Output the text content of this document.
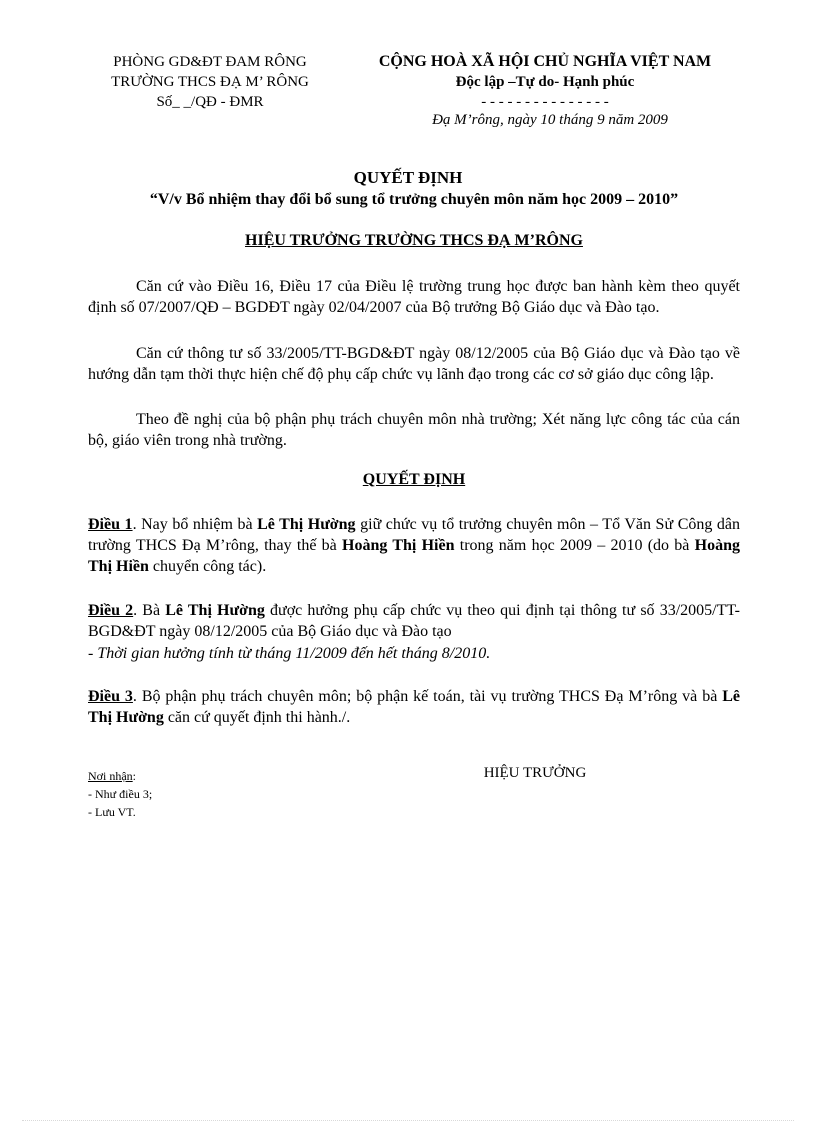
PHÒNG GD&ĐT ĐAM RÔNG
TRƯỜNG THCS ĐẠ M’ RÔNG
Số_ _/QĐ - ĐMR
CỘNG HOÀ XÃ HỘI CHỦ NGHĨA VIỆT NAM
Độc lập –Tự do- Hạnh phúc
- - - - - - - - - - - - - - -
Đạ M’rông, ngày 10 tháng 9 năm 2009
QUYẾT ĐỊNH
“V/v Bổ nhiệm thay đổi bổ sung tổ trưởng chuyên môn năm học 2009 – 2010”
HIỆU TRƯỞNG TRƯỜNG THCS ĐẠ M’RÔNG
Căn cứ vào Điều 16, Điều 17 của Điều lệ trường trung học được ban hành kèm theo quyết định số 07/2007/QĐ – BGDĐT ngày 02/04/2007 của Bộ trưởng Bộ Giáo dục và Đào tạo.
Căn cứ thông tư số 33/2005/TT-BGD&ĐT ngày 08/12/2005 của Bộ Giáo dục và Đào tạo về hướng dẫn tạm thời thực hiện chế độ phụ cấp chức vụ lãnh đạo trong các cơ sở giáo dục công lập.
Theo đề nghị của bộ phận phụ trách chuyên môn nhà trường; Xét năng lực công tác của cán bộ, giáo viên trong nhà trường.
QUYẾT ĐỊNH
Điều 1. Nay bổ nhiệm bà Lê Thị Hường giữ chức vụ tổ trưởng chuyên môn – Tổ Văn Sử Công dân trường THCS Đạ M’rông, thay thế bà Hoàng Thị Hiền trong năm học 2009 – 2010 (do bà Hoàng Thị Hiền chuyển công tác).
Điều 2. Bà Lê Thị Hường được hưởng phụ cấp chức vụ theo qui định tại thông tư số 33/2005/TT-BGD&ĐT ngày 08/12/2005 của Bộ Giáo dục và Đào tạo
- Thời gian hưởng tính từ tháng 11/2009 đến hết tháng 8/2010.
Điều 3. Bộ phận phụ trách chuyên môn; bộ phận kế toán, tài vụ trường THCS Đạ M’rông và bà Lê Thị Hường căn cứ quyết định thi hành./.
Nơi nhận:
- Như điều 3;
- Lưu VT.
HIỆU TRƯỞNG
